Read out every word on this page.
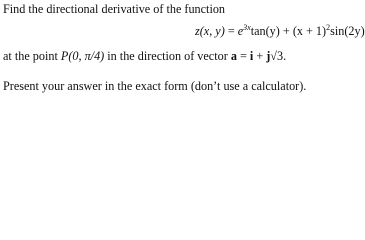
Find the directional derivative of the function
z(x, $y) = e^{3x}\tan(y) + (x + 1)^2\sin(2y)$
at the point P(0, π/4) in the direction of vector a = i + j√3.
Present your answer in the exact form (don’t use a calculator).
